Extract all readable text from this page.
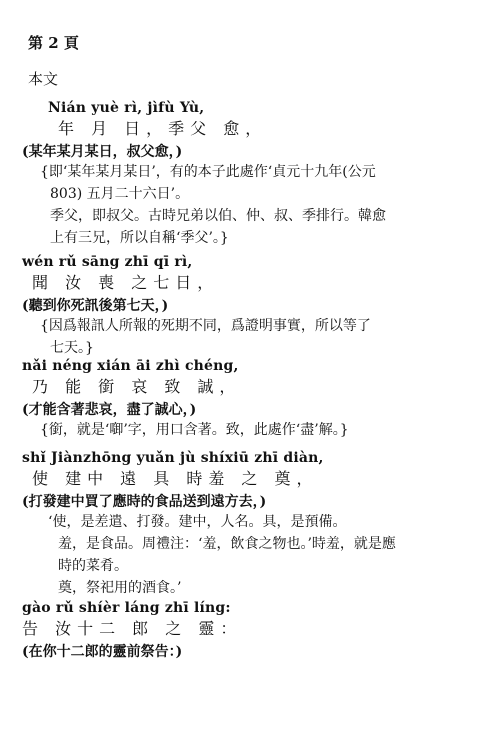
第 2 頁
本文
Nián yuè rì, jìfù Yù,
年 月 日，季父 愈，
(某年某月某日，叔父愈，)
{即‘某年某月某日’，有的本子此處作‘貞元十九年(公元
803) 五月二十六日’。
季父，即叔父。古時兄弟以伯、仲、叔、季排行。韓愈
上有三兄，所以自稱‘季父’。}
wén rǔ sāng zhī qī rì,
聞 汝 喪 之七日，
(聽到你死訊後第七天，)
{因爲報訊人所報的死期不同，爲證明事實，所以等了
七天。}
nǎi néng xián āi zhì chéng,
乃 能 銜 哀 致 誠，
(才能含著悲哀，盡了誠心，)
{銜，就是‘啣’字，用口含著。致，此處作‘盡’解。}
shǐ Jiànzhōng yuǎn jù shíxiū zhī diàn,
使 建中 遠 具 時羞 之 奠，
(打發建中買了應時的食品送到遠方去，)
‘使，是差遣、打發。建中，人名。具，是預備。
羞，是食品。周禮注：‘羞，飲食之物也。’時羞，就是應
時的菜肴。
奠，祭祀用的酒食。’
gào rǔ shíèr láng zhī líng:
告 汝十二 郎 之 靈：
(在你十二郎的靈前祭告：)
